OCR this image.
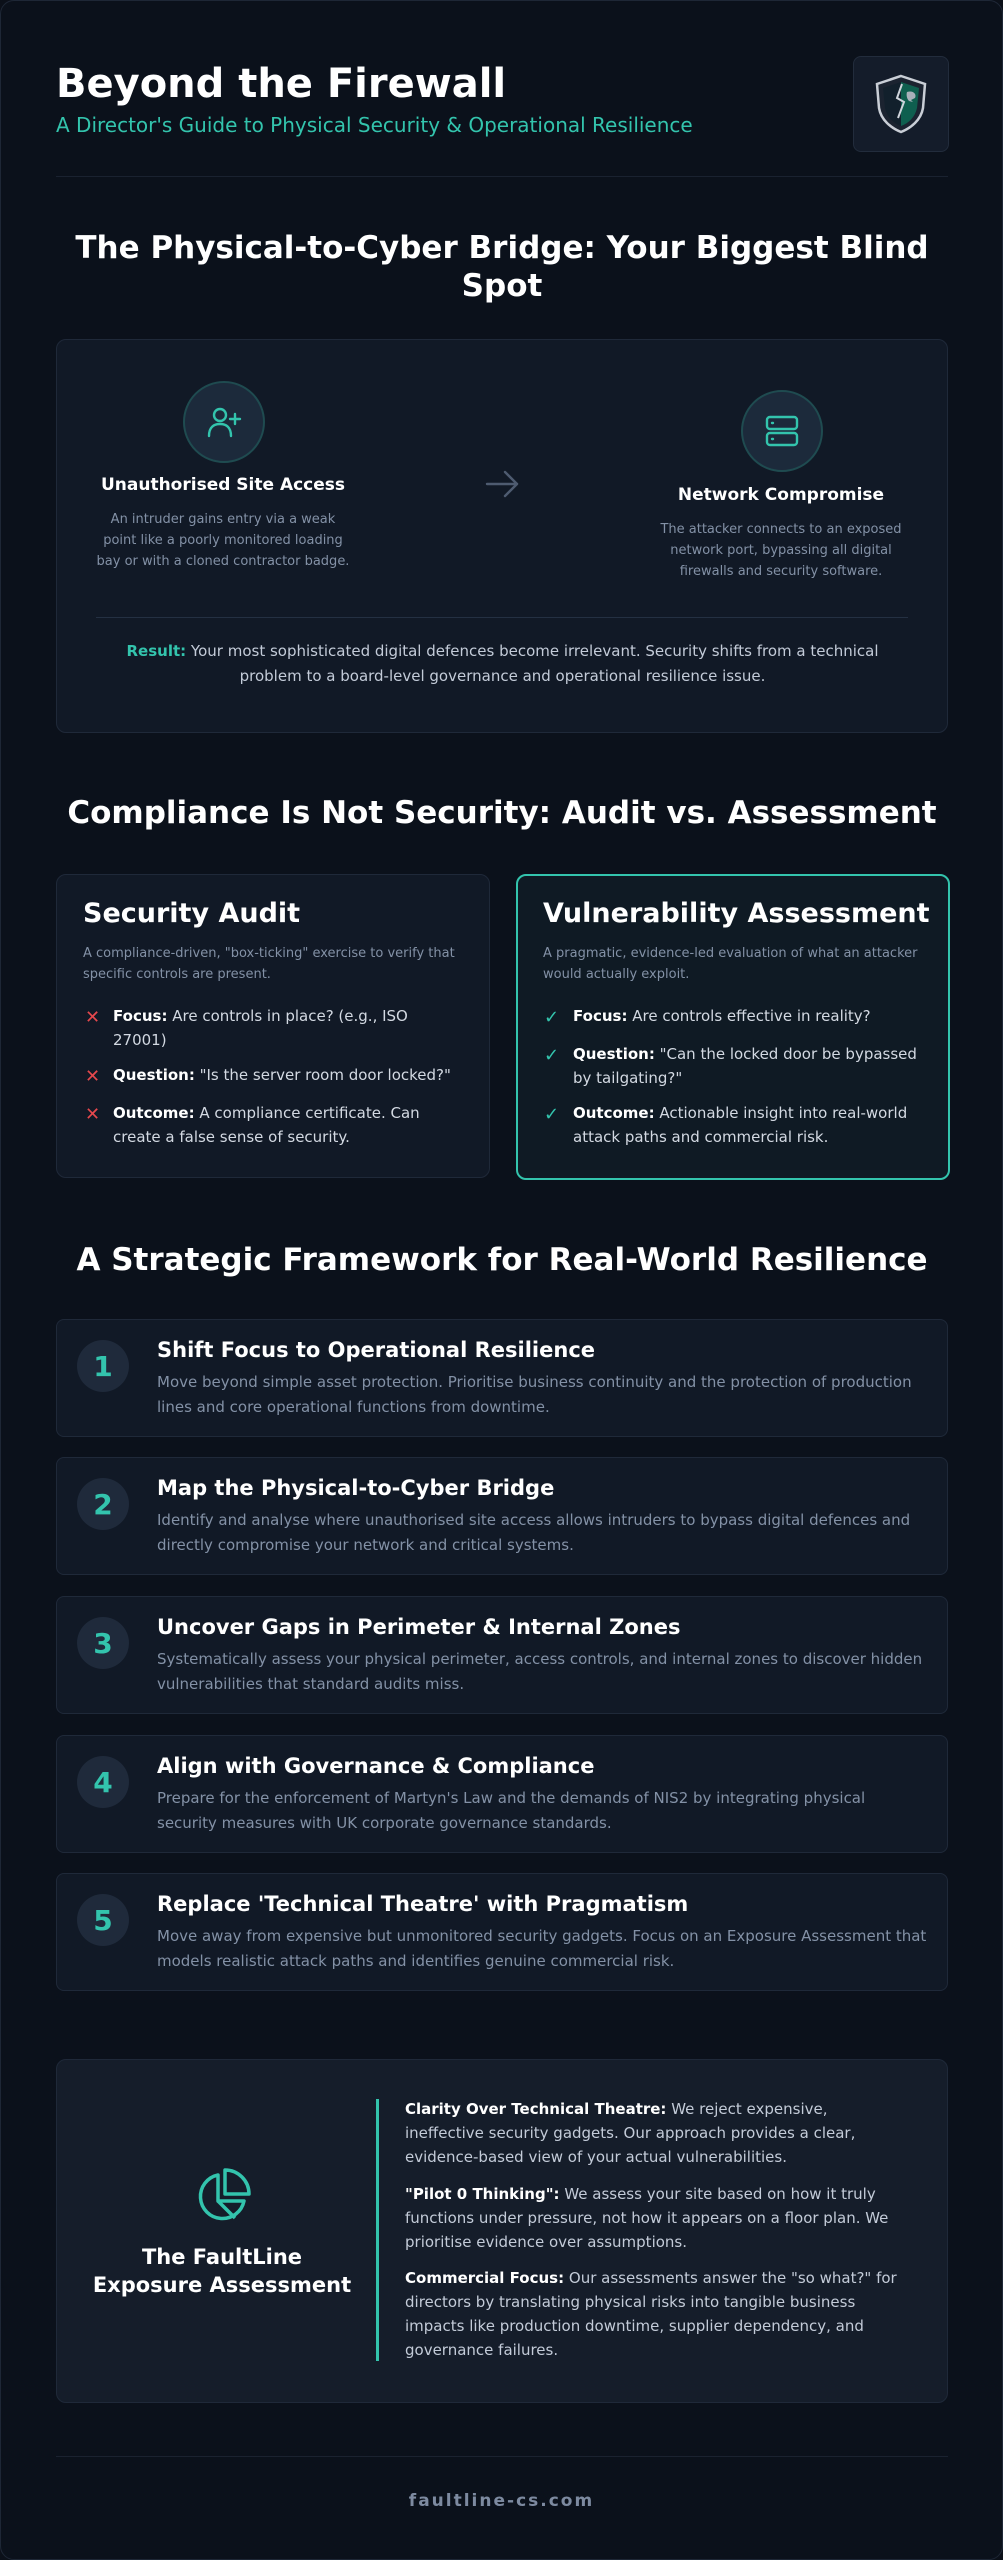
Beyond the Firewall
A Director's Guide to Physical Security & Operational Resilience
The Physical-to-Cyber Bridge: Your Biggest Blind Spot
Unauthorised Site Access
An intruder gains entry via a weak point like a poorly monitored loading bay or with a cloned contractor badge.
Network Compromise
The attacker connects to an exposed network port, bypassing all digital firewalls and security software.
Result: Your most sophisticated digital defences become irrelevant. Security shifts from a technical problem to a board-level governance and operational resilience issue.
Compliance Is Not Security: Audit vs. Assessment
Security Audit
A compliance-driven, "box-ticking" exercise to verify that specific controls are present.
✕ Focus: Are controls in place? (e.g., ISO 27001)
✕ Question: "Is the server room door locked?"
✕ Outcome: A compliance certificate. Can create a false sense of security.
Vulnerability Assessment
A pragmatic, evidence-led evaluation of what an attacker would actually exploit.
✓ Focus: Are controls effective in reality?
✓ Question: "Can the locked door be bypassed by tailgating?"
✓ Outcome: Actionable insight into real-world attack paths and commercial risk.
A Strategic Framework for Real-World Resilience
1	Shift Focus to Operational Resilience
Move beyond simple asset protection. Prioritise business continuity and the protection of production lines and core operational functions from downtime.
2	Map the Physical-to-Cyber Bridge
Identify and analyse where unauthorised site access allows intruders to bypass digital defences and directly compromise your network and critical systems.
3	Uncover Gaps in Perimeter & Internal Zones
Systematically assess your physical perimeter, access controls, and internal zones to discover hidden vulnerabilities that standard audits miss.
4	Align with Governance & Compliance
Prepare for the enforcement of Martyn's Law and the demands of NIS2 by integrating physical security measures with UK corporate governance standards.
5	Replace 'Technical Theatre' with Pragmatism
Move away from expensive but unmonitored security gadgets. Focus on an Exposure Assessment that models realistic attack paths and identifies genuine commercial risk.
The FaultLine
Exposure Assessment
Clarity Over Technical Theatre: We reject expensive, ineffective security gadgets. Our approach provides a clear, evidence-based view of your actual vulnerabilities.
"Pilot 0 Thinking": We assess your site based on how it truly functions under pressure, not how it appears on a floor plan. We prioritise evidence over assumptions.
Commercial Focus: Our assessments answer the "so what?" for directors by translating physical risks into tangible business impacts like production downtime, supplier dependency, and governance failures.
faultline-cs.com
